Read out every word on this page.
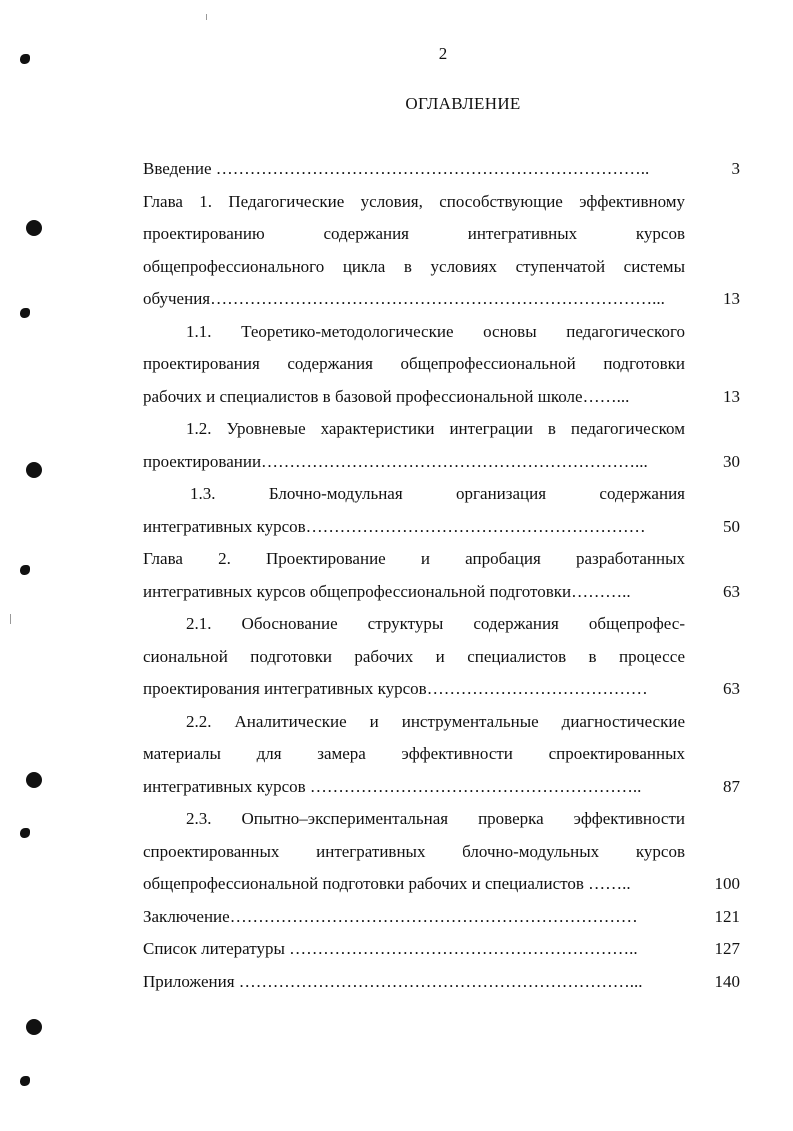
2
ОГЛАВЛЕНИЕ
Введение …………………………………………………………………..	3
Глава 1. Педагогические условия, способствующие эффективному
проектированию содержания интегративных курсов
общепрофессионального цикла в условиях ступенчатой системы
обучения……………………………………………………………………...	13
1.1. Теоретико-методологические основы педагогического
проектирования содержания общепрофессиональной подготовки
рабочих и специалистов в базовой профессиональной школе……...	13
1.2. Уровневые характеристики интеграции в педагогическом
проектировании…………………………………………………………...	30
1.3. Блочно-модульная организация содержания
интегративных курсов……………………………………………………	50
Глава 2. Проектирование и апробация разработанных
интегративных курсов общепрофессиональной подготовки………..	63
2.1. Обоснование структуры содержания общепрофес-
сиональной подготовки рабочих и специалистов в процессе
проектирования интегративных курсов…………………………………	63
2.2. Аналитические и инструментальные диагностические
материалы для замера эффективности спроектированных
интегративных курсов …………………………………………………..	87
2.3. Опытно–экспериментальная проверка эффективности
спроектированных интегративных блочно-модульных курсов
общепрофессиональной подготовки рабочих и специалистов ……..	100
Заключение………………………………………………………………	121
Список литературы ……………………………………………………..	127
Приложения ……………………………………………………………...	140
